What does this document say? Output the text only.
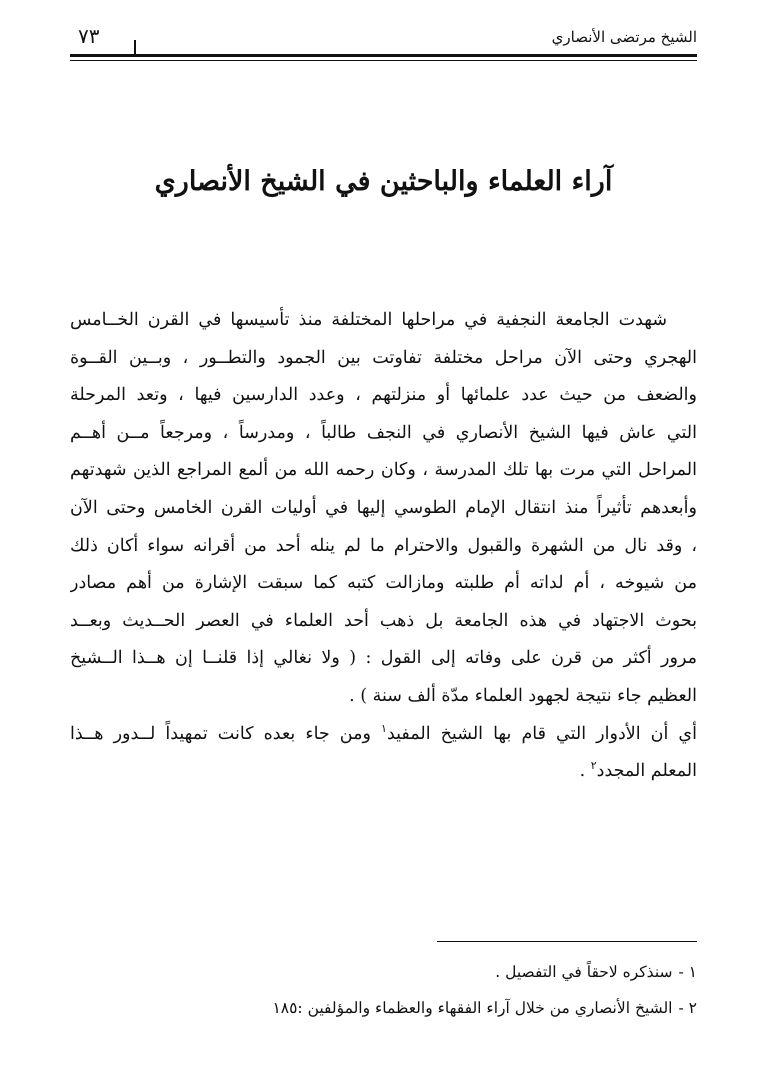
الشيخ مرتضى الأنصاري
٧٣
آراء العلماء والباحثين في الشيخ الأنصاري
شهدت الجامعة النجفية في مراحلها المختلفة منذ تأسيسها في القرن الخــامس
الهجري وحتى الآن مراحل مختلفة تفاوتت بين الجمود والتطــور ، وبــين القــوة
والضعف من حيث عدد علمائها أو منزلتهم ، وعدد الدارسين فيها ، وتعد المرحلة
التي عاش فيها الشيخ الأنصاري في النجف طالباً ، ومدرساً ، ومرجعاً مــن أهــم
المراحل التي مرت بها تلك المدرسة ، وكان رحمه الله من ألمع المراجع الذين شهدتهم
وأبعدهم تأثيراً منذ انتقال الإمام الطوسي إليها في أوليات القرن الخامس وحتى الآن
، وقد نال من الشهرة والقبول والاحترام ما لم ينله أحد من أقرانه سواء أكان ذلك
من شيوخه ، أم لداته أم طلبته ومازالت كتبه كما سبقت الإشارة من أهم مصادر
بحوث الاجتهاد في هذه الجامعة بل ذهب أحد العلماء في العصر الحــديث وبعــد
مرور أكثر من قرن على وفاته إلى القول : ( ولا نغالي إذا قلنــا إن هــذا الــشيخ
العظيم جاء نتيجة لجهود العلماء مدّة ألف سنة ) .
أي أن الأدوار التي قام بها الشيخ المفيد$^١$ ومن جاء بعده كانت تمهيداً لــدور هــذا
المعلم المجدد$^٢$ .
١ -سنذكره لاحقاً في التفصيل .
٢ -الشيخ الأنصاري من خلال آراء الفقهاء والعظماء والمؤلفين :١٨٥
